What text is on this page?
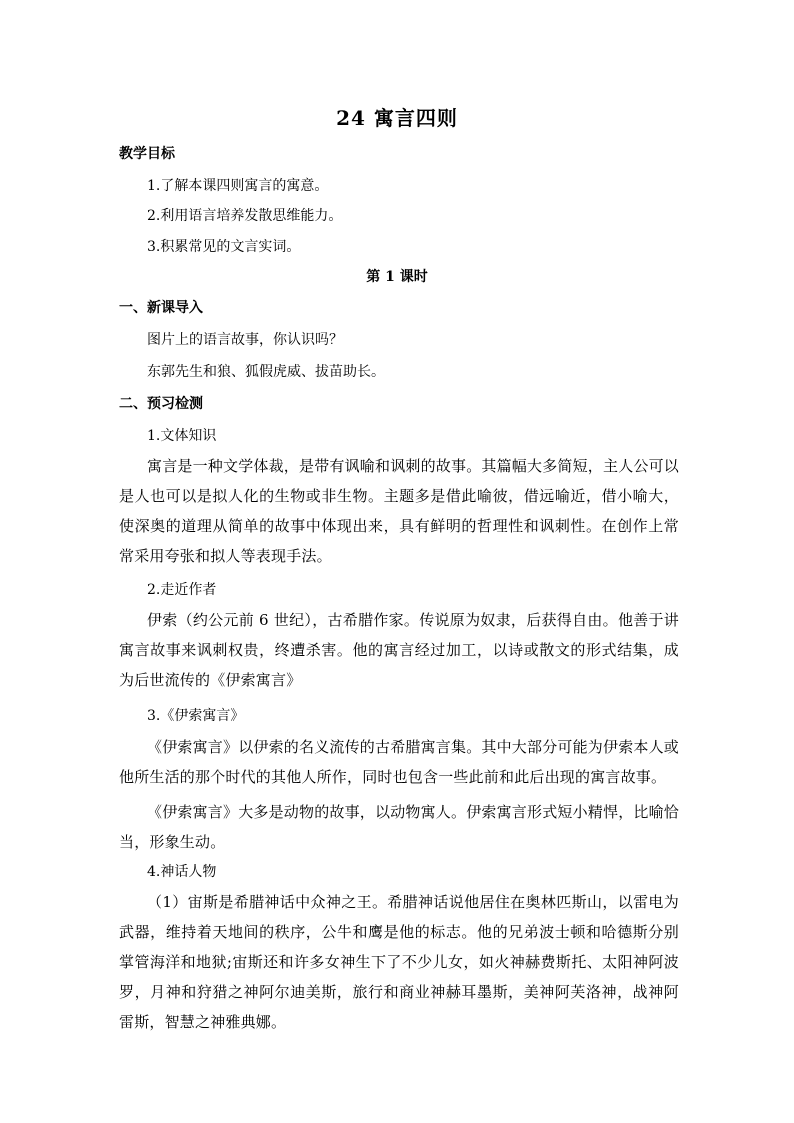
24 寓言四则
教学目标
1.了解本课四则寓言的寓意。
2.利用语言培养发散思维能力。
3.积累常见的文言实词。
第 1 课时
一、新课导入
图片上的语言故事，你认识吗？
东郭先生和狼、狐假虎威、拔苗助长。
二、预习检测
1.文体知识
寓言是一种文学体裁，是带有讽喻和讽刺的故事。其篇幅大多简短，主人公可以是人也可以是拟人化的生物或非生物。主题多是借此喻彼，借远喻近，借小喻大，使深奥的道理从简单的故事中体现出来，具有鲜明的哲理性和讽刺性。在创作上常常采用夸张和拟人等表现手法。
2.走近作者
伊索（约公元前 6 世纪），古希腊作家。传说原为奴隶，后获得自由。他善于讲寓言故事来讽刺权贵，终遭杀害。他的寓言经过加工，以诗或散文的形式结集，成为后世流传的《伊索寓言》
3.《伊索寓言》
《伊索寓言》以伊索的名义流传的古希腊寓言集。其中大部分可能为伊索本人或他所生活的那个时代的其他人所作，同时也包含一些此前和此后出现的寓言故事。
《伊索寓言》大多是动物的故事，以动物寓人。伊索寓言形式短小精悍，比喻恰当，形象生动。
4.神话人物
（1）宙斯是希腊神话中众神之王。希腊神话说他居住在奥林匹斯山，以雷电为武器，维持着天地间的秩序，公牛和鹰是他的标志。他的兄弟波士顿和哈德斯分别掌管海洋和地狱;宙斯还和许多女神生下了不少儿女，如火神赫费斯托、太阳神阿波罗，月神和狩猎之神阿尔迪美斯，旅行和商业神赫耳墨斯，美神阿芙洛神，战神阿雷斯，智慧之神雅典娜。
